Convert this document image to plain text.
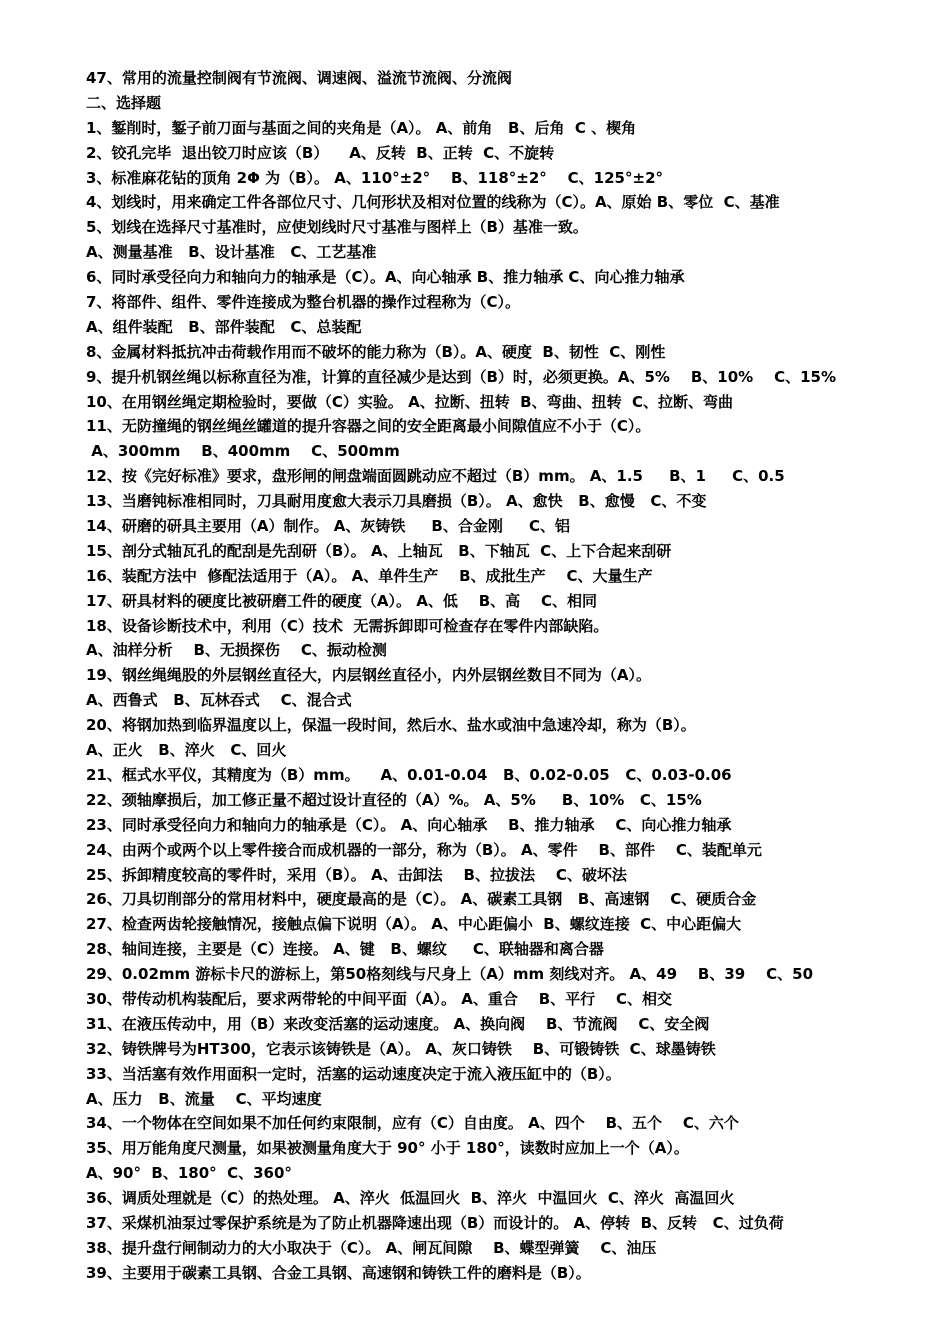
47、常用的流量控制阀有节流阀、调速阀、溢流节流阀、分流阀
二、选择题
1、錾削时，錾子前刀面与基面之间的夹角是（A）。 A、前角   B、后角  C 、楔角
2、铰孔完毕  退出铰刀时应该（B）    A、反转  B、正转  C、不旋转
3、标准麻花钻的顶角 2Φ 为（B）。 A、110°±2°    B、118°±2°    C、125°±2°
4、划线时，用来确定工件各部位尺寸、几何形状及相对位置的线称为（C）。A、原始 B、零位  C、基准
5、划线在选择尺寸基准时，应使划线时尺寸基准与图样上（B）基准一致。
A、测量基准   B、设计基准   C、工艺基准
6、同时承受径向力和轴向力的轴承是（C）。A、向心轴承 B、推力轴承 C、向心推力轴承
7、将部件、组件、零件连接成为整台机器的操作过程称为（C）。
A、组件装配   B、部件装配   C、总装配
8、金属材料抵抗冲击荷载作用而不破坏的能力称为（B）。A、硬度  B、韧性  C、刚性
9、提升机钢丝绳以标称直径为准，计算的直径减少是达到（B）时，必须更换。A、5%    B、10%    C、15%
10、在用钢丝绳定期检验时，要做（C）实验。 A、拉断、扭转  B、弯曲、扭转  C、拉断、弯曲
11、无防撞绳的钢丝绳丝罐道的提升容器之间的安全距离最小间隙值应不小于（C）。
A、300mm    B、400mm    C、500mm
12、按《完好标准》要求，盘形闸的闸盘端面圆跳动应不超过（B）mm。 A、1.5     B、1     C、0.5
13、当磨钝标准相同时，刀具耐用度愈大表示刀具磨损（B）。 A、愈快   B、愈慢   C、不变
14、研磨的研具主要用（A）制作。 A、灰铸铁     B、合金刚     C、铝
15、剖分式轴瓦孔的配刮是先刮研（B）。 A、上轴瓦   B、下轴瓦  C、上下合起来刮研
16、装配方法中  修配法适用于（A）。 A、单件生产    B、成批生产    C、大量生产
17、研具材料的硬度比被研磨工件的硬度（A）。 A、低    B、高    C、相同
18、设备诊断技术中，利用（C）技术  无需拆卸即可检查存在零件内部缺陷。
A、油样分析    B、无损探伤    C、振动检测
19、钢丝绳绳股的外层钢丝直径大，内层钢丝直径小，内外层钢丝数目不同为（A）。
A、西鲁式   B、瓦林吞式    C、混合式
20、将钢加热到临界温度以上，保温一段时间，然后水、盐水或油中急速冷却，称为（B）。
A、正火   B、淬火   C、回火
21、框式水平仪，其精度为（B）mm。    A、0.01-0.04   B、0.02-0.05   C、0.03-0.06
22、颈轴摩损后，加工修正量不超过设计直径的（A）%。 A、5%     B、10%   C、15%
23、同时承受径向力和轴向力的轴承是（C）。 A、向心轴承    B、推力轴承    C、向心推力轴承
24、由两个或两个以上零件接合而成机器的一部分，称为（B）。 A、零件    B、部件    C、装配单元
25、拆卸精度较高的零件时，采用（B）。 A、击卸法    B、拉拔法    C、破坏法
26、刀具切削部分的常用材料中，硬度最高的是（C）。 A、碳素工具钢   B、高速钢    C、硬质合金
27、检查两齿轮接触情况，接触点偏下说明（A）。 A、中心距偏小  B、螺纹连接  C、中心距偏大
28、轴间连接，主要是（C）连接。 A、键   B、螺纹     C、联轴器和离合器
29、0.02mm 游标卡尺的游标上，第50格刻线与尺身上（A）mm 刻线对齐。 A、49    B、39    C、50
30、带传动机构装配后，要求两带轮的中间平面（A）。 A、重合    B、平行    C、相交
31、在液压传动中，用（B）来改变活塞的运动速度。 A、换向阀    B、节流阀    C、安全阀
32、铸铁牌号为HT300，它表示该铸铁是（A）。 A、灰口铸铁    B、可锻铸铁  C、球墨铸铁
33、当活塞有效作用面积一定时，活塞的运动速度决定于流入液压缸中的（B）。
A、压力   B、流量    C、平均速度
34、一个物体在空间如果不加任何约束限制，应有（C）自由度。 A、四个    B、五个    C、六个
35、用万能角度尺测量，如果被测量角度大于 90° 小于 180°，读数时应加上一个（A）。
A、90°  B、180°  C、360°
36、调质处理就是（C）的热处理。 A、淬火  低温回火  B、淬火  中温回火  C、淬火  高温回火
37、采煤机油泵过零保护系统是为了防止机器降速出现（B）而设计的。 A、停转  B、反转   C、过负荷
38、提升盘行闸制动力的大小取决于（C）。 A、闸瓦间隙    B、蝶型弹簧    C、油压
39、主要用于碳素工具钢、合金工具钢、高速钢和铸铁工件的磨料是（B）。
